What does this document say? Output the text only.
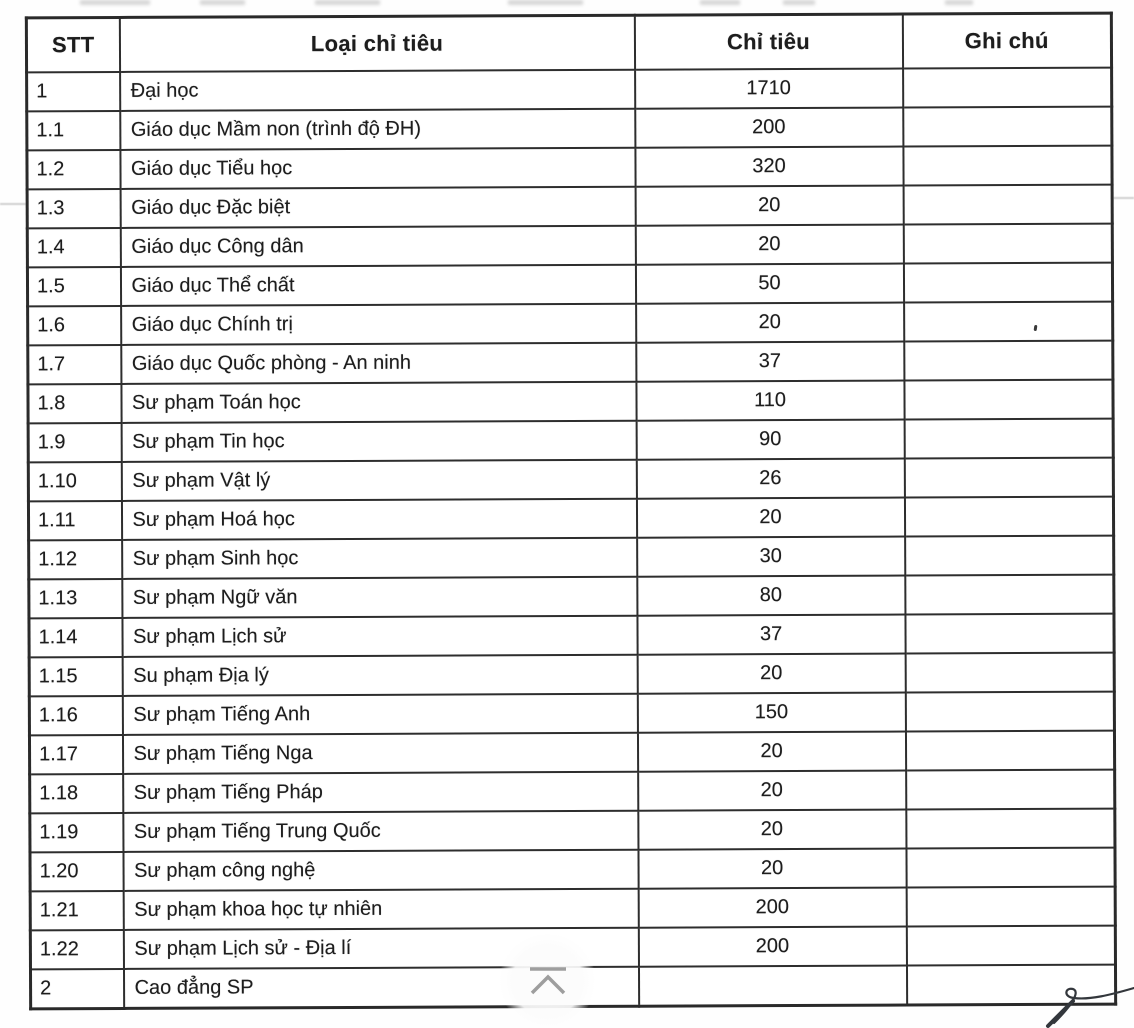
STT	Loại chỉ tiêu	Chỉ tiêu	Ghi chú
1	Đại học	1710	
1.1	Giáo dục Mầm non (trình độ ĐH)	200	
1.2	Giáo dục Tiểu học	320	
1.3	Giáo dục Đặc biệt	20	
1.4	Giáo dục Công dân	20	
1.5	Giáo dục Thể chất	50	
1.6	Giáo dục Chính trị	20	
1.7	Giáo dục Quốc phòng - An ninh	37	
1.8	Sư phạm Toán học	110	
1.9	Sư phạm Tin học	90	
1.10	Sư phạm Vật lý	26	
1.11	Sư phạm Hoá học	20	
1.12	Sư phạm Sinh học	30	
1.13	Sư phạm Ngữ văn	80	
1.14	Sư phạm Lịch sử	37	
1.15	Su phạm Địa lý	20	
1.16	Sư phạm Tiếng Anh	150	
1.17	Sư phạm Tiếng Nga	20	
1.18	Sư phạm Tiếng Pháp	20	
1.19	Sư phạm Tiếng Trung Quốc	20	
1.20	Sư phạm công nghệ	20	
1.21	Sư phạm khoa học tự nhiên	200	
1.22	Sư phạm Lịch sử - Địa lí	200	
2	Cao đẳng SP		
